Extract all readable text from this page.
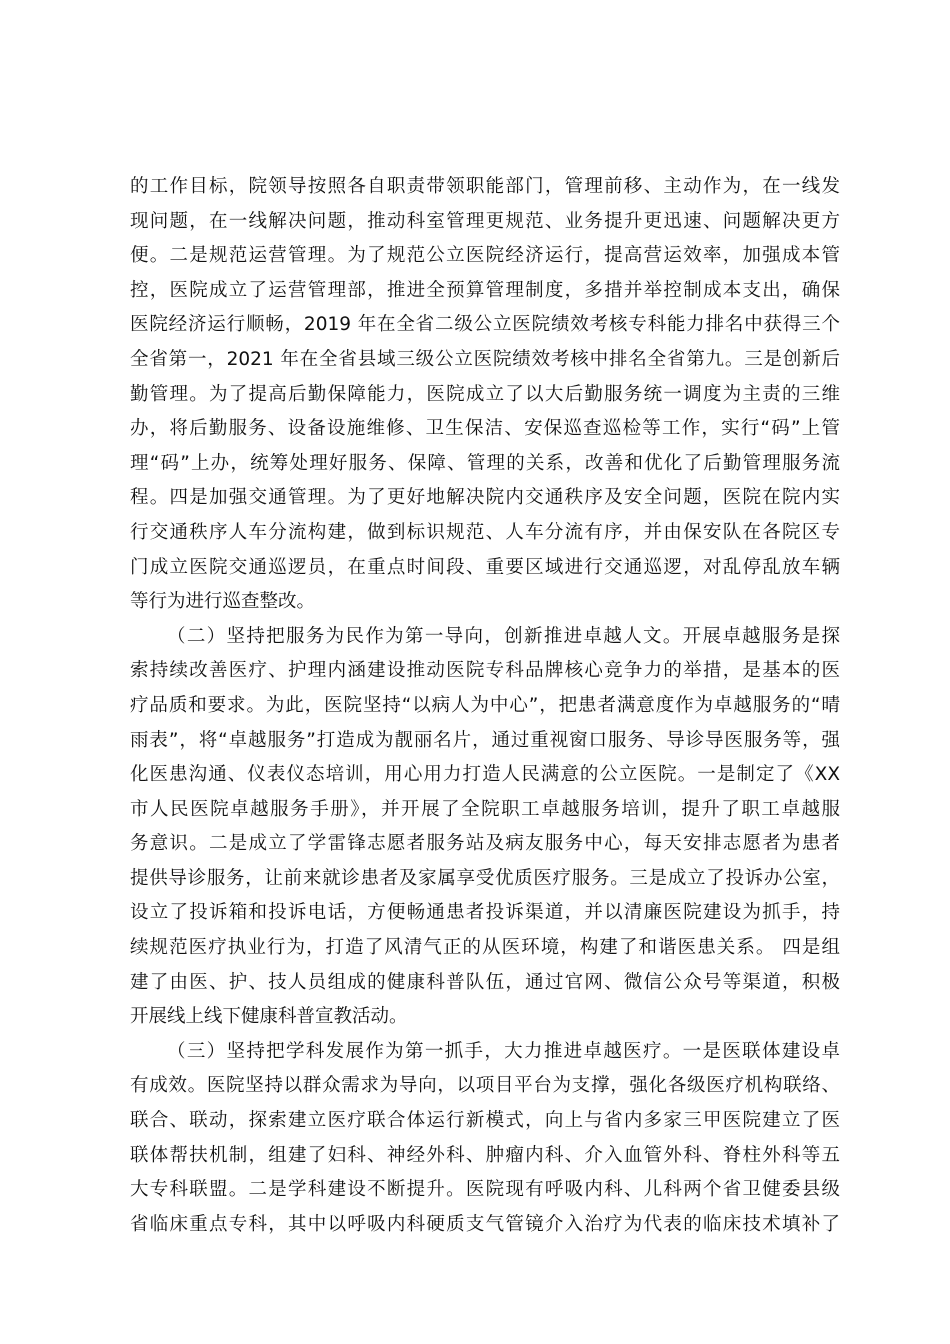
的工作目标，院领导按照各自职责带领职能部门，管理前移、主动作为，在一线发
现问题，在一线解决问题，推动科室管理更规范、业务提升更迅速、问题解决更方
便。二是规范运营管理。为了规范公立医院经济运行，提高营运效率，加强成本管
控，医院成立了运营管理部，推进全预算管理制度，多措并举控制成本支出，确保
医院经济运行顺畅，2019 年在全省二级公立医院绩效考核专科能力排名中获得三个
全省第一，2021 年在全省县域三级公立医院绩效考核中排名全省第九。三是创新后
勤管理。为了提高后勤保障能力，医院成立了以大后勤服务统一调度为主责的三维
办，将后勤服务、设备设施维修、卫生保洁、安保巡查巡检等工作，实行“码”上管
理“码”上办，统筹处理好服务、保障、管理的关系，改善和优化了后勤管理服务流
程。四是加强交通管理。为了更好地解决院内交通秩序及安全问题，医院在院内实
行交通秩序人车分流构建，做到标识规范、人车分流有序，并由保安队在各院区专
门成立医院交通巡逻员，在重点时间段、重要区域进行交通巡逻，对乱停乱放车辆
等行为进行巡查整改。
（二）坚持把服务为民作为第一导向，创新推进卓越人文。开展卓越服务是探
索持续改善医疗、护理内涵建设推动医院专科品牌核心竞争力的举措，是基本的医
疗品质和要求。为此，医院坚持“以病人为中心”，把患者满意度作为卓越服务的“晴
雨表”，将“卓越服务”打造成为靓丽名片，通过重视窗口服务、导诊导医服务等，强
化医患沟通、仪表仪态培训，用心用力打造人民满意的公立医院。一是制定了《XX
市人民医院卓越服务手册》，并开展了全院职工卓越服务培训，提升了职工卓越服
务意识。二是成立了学雷锋志愿者服务站及病友服务中心，每天安排志愿者为患者
提供导诊服务，让前来就诊患者及家属享受优质医疗服务。三是成立了投诉办公室，
设立了投诉箱和投诉电话，方便畅通患者投诉渠道，并以清廉医院建设为抓手，持
续规范医疗执业行为，打造了风清气正的从医环境，构建了和谐医患关系。 四是组
建了由医、护、技人员组成的健康科普队伍，通过官网、微信公众号等渠道，积极
开展线上线下健康科普宣教活动。
（三）坚持把学科发展作为第一抓手，大力推进卓越医疗。一是医联体建设卓
有成效。医院坚持以群众需求为导向，以项目平台为支撑，强化各级医疗机构联络、
联合、联动，探索建立医疗联合体运行新模式，向上与省内多家三甲医院建立了医
联体帮扶机制，组建了妇科、神经外科、肿瘤内科、介入血管外科、脊柱外科等五
大专科联盟。二是学科建设不断提升。医院现有呼吸内科、儿科两个省卫健委县级
省临床重点专科，其中以呼吸内科硬质支气管镜介入治疗为代表的临床技术填补了
